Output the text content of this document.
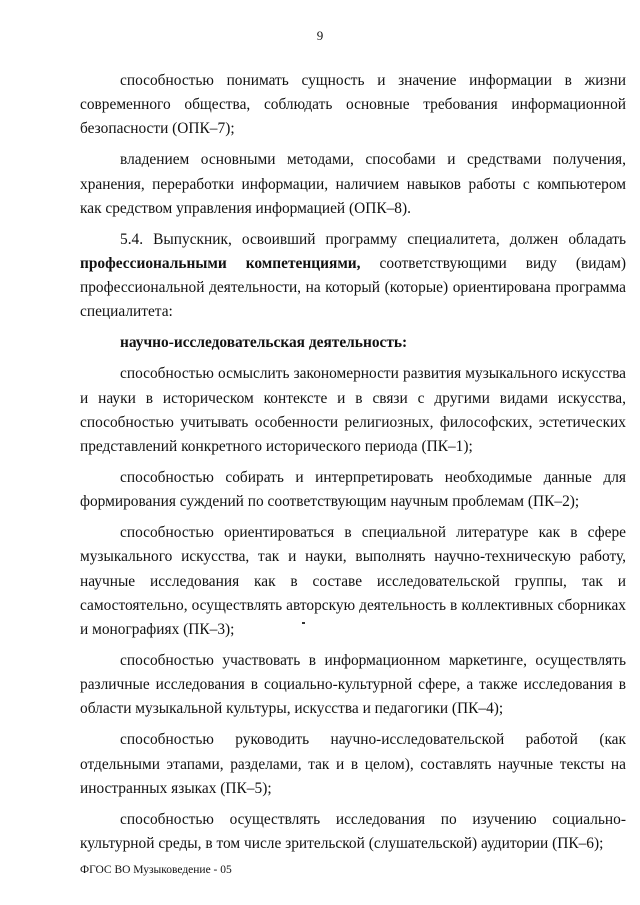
9

способностью понимать сущность и значение информации в жизни современного общества, соблюдать основные требования информационной безопасности (ОПК–7);

владением основными методами, способами и средствами получения, хранения, переработки информации, наличием навыков работы с компьютером как средством управления информацией (ОПК–8).

5.4. Выпускник, освоивший программу специалитета, должен обладать профессиональными компетенциями, соответствующими виду (видам) профессиональной деятельности, на который (которые) ориентирована программа специалитета:

научно-исследовательская деятельность:

способностью осмыслить закономерности развития музыкального искусства и науки в историческом контексте и в связи с другими видами искусства, способностью учитывать особенности религиозных, философских, эстетических представлений конкретного исторического периода (ПК–1);

способностью собирать и интерпретировать необходимые данные для формирования суждений по соответствующим научным проблемам (ПК–2);

способностью ориентироваться в специальной литературе как в сфере музыкального искусства, так и науки, выполнять научно-техническую работу, научные исследования как в составе исследовательской группы, так и самостоятельно, осуществлять авторскую деятельность в коллективных сборниках и монографиях (ПК–3);

способностью участвовать в информационном маркетинге, осуществлять различные исследования в социально-культурной сфере, а также исследования в области музыкальной культуры, искусства и педагогики (ПК–4);

способностью руководить научно-исследовательской работой (как отдельными этапами, разделами, так и в целом), составлять научные тексты на иностранных языках (ПК–5);

способностью осуществлять исследования по изучению социально-культурной среды, в том числе зрительской (слушательской) аудитории (ПК–6);

ФГОС ВО Музыковедение - 05
